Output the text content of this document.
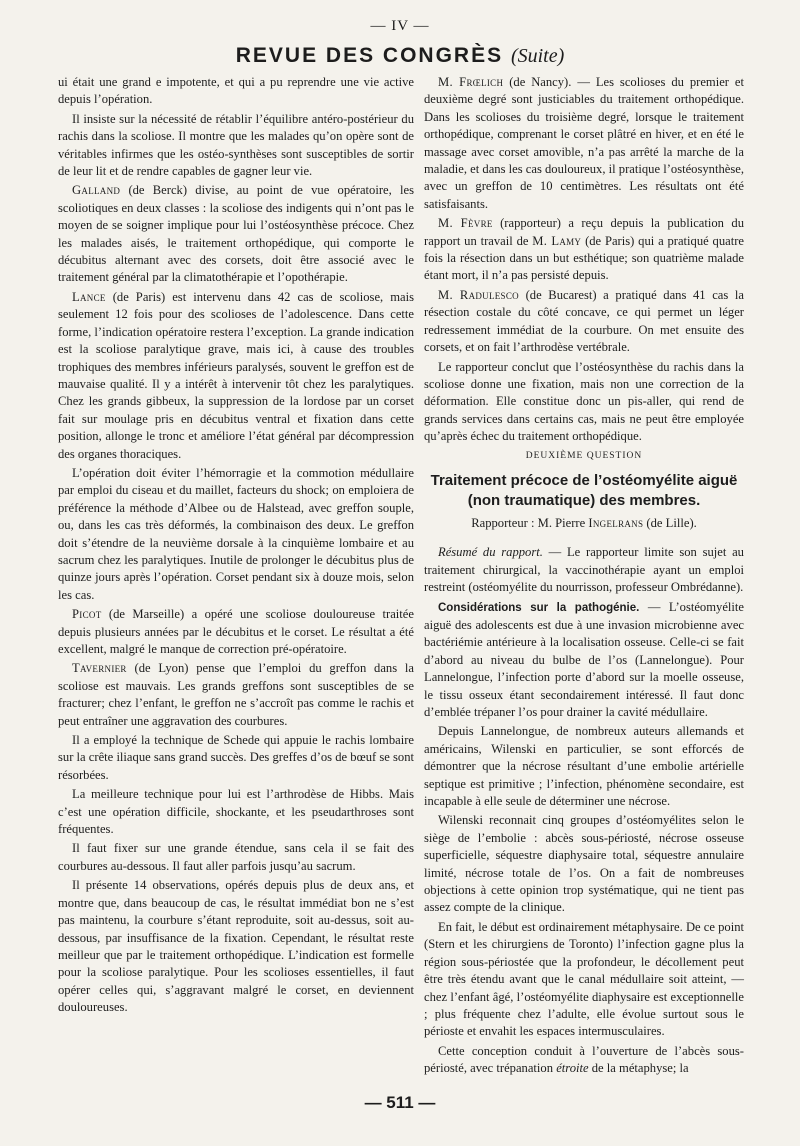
— IV —
REVUE DES CONGRÈS (Suite)

ui était une grand e impotente, et qui a pu reprendre une vie active depuis l’opération.

Il insiste sur la nécessité de rétablir l’équilibre antéro-postérieur du rachis dans la scoliose. Il montre que les malades qu’on opère sont de véritables infirmes que les ostéo-synthèses sont susceptibles de sortir de leur lit et de rendre capables de gagner leur vie.

Galland (de Berck) divise, au point de vue opératoire, les scoliotiques en deux classes : la scoliose des indigents qui n’ont pas le moyen de se soigner implique pour lui l’ostéosynthèse précoce. Chez les malades aisés, le traitement orthopédique, qui comporte le décubitus alternant avec des corsets, doit être associé avec le traitement général par la climatothérapie et l’opothérapie.

Lance (de Paris) est intervenu dans 42 cas de scoliose, mais seulement 12 fois pour des scolioses de l’adolescence. Dans cette forme, l’indication opératoire restera l’exception. La grande indication est la scoliose paralytique grave, mais ici, à cause des troubles trophiques des membres inférieurs paralysés, souvent le greffon est de mauvaise qualité. Il y a intérêt à intervenir tôt chez les paralytiques. Chez les grands gibbeux, la suppression de la lordose par un corset fait sur moulage pris en décubitus ventral et fixation dans cette position, allonge le tronc et améliore l’état général par décompression des organes thoraciques.

L’opération doit éviter l’hémorragie et la commotion médullaire par emploi du ciseau et du maillet, facteurs du shock; on emploiera de préférence la méthode d’Albee ou de Halstead, avec greffon souple, ou, dans les cas très déformés, la combinaison des deux. Le greffon doit s’étendre de la neuvième dorsale à la cinquième lombaire et au sacrum chez les paralytiques. Inutile de prolonger le décubitus plus de quinze jours après l’opération. Corset pendant six à douze mois, selon les cas.

Picot (de Marseille) a opéré une scoliose douloureuse traitée depuis plusieurs années par le décubitus et le corset. Le résultat a été excellent, malgré le manque de correction pré-opératoire.

Tavernier (de Lyon) pense que l’emploi du greffon dans la scoliose est mauvais. Les grands greffons sont susceptibles de se fracturer; chez l’enfant, le greffon ne s’accroît pas comme le rachis et peut entraîner une aggravation des courbures.

Il a employé la technique de Schede qui appuie le rachis lombaire sur la crête iliaque sans grand succès. Des greffes d’os de bœuf se sont résorbées.

La meilleure technique pour lui est l’arthrodèse de Hibbs. Mais c’est une opération difficile, shockante, et les pseudarthroses sont fréquentes.

Il faut fixer sur une grande étendue, sans cela il se fait des courbures au-dessous. Il faut aller parfois jusqu’au sacrum.

Il présente 14 observations, opérés depuis plus de deux ans, et montre que, dans beaucoup de cas, le résultat immédiat bon ne s’est pas maintenu, la courbure s’étant reproduite, soit au-dessus, soit au-dessous, par insuffisance de la fixation. Cependant, le résultat reste meilleur que par le traitement orthopédique. L’indication est formelle pour la scoliose paralytique. Pour les scolioses essentielles, il faut opérer celles qui, s’aggravant malgré le corset, en deviennent douloureuses.

M. Frœlich (de Nancy). — Les scolioses du premier et deuxième degré sont justiciables du traitement orthopédique. Dans les scolioses du troisième degré, lorsque le traitement orthopédique, comprenant le corset plâtré en hiver, et en été le massage avec corset amovible, n’a pas arrêté la marche de la maladie, et dans les cas douloureux, il pratique l’ostéosynthèse, avec un greffon de 10 centimètres. Les résultats ont été satisfaisants.

M. Fèvre (rapporteur) a reçu depuis la publication du rapport un travail de M. Lamy (de Paris) qui a pratiqué quatre fois la résection dans un but esthétique; son quatrième malade étant mort, il n’a pas persisté depuis.

M. Radulesco (de Bucarest) a pratiqué dans 41 cas la résection costale du côté concave, ce qui permet un léger redressement immédiat de la courbure. On met ensuite des corsets, et on fait l’arthrodèse vertébrale.

Le rapporteur conclut que l’ostéosynthèse du rachis dans la scoliose donne une fixation, mais non une correction de la déformation. Elle constitue donc un pis-aller, qui rend de grands services dans certains cas, mais ne peut être employée qu’après échec du traitement orthopédique.

DEUXIÈME QUESTION

Traitement précoce de l’ostéomyélite aiguë (non traumatique) des membres.
Rapporteur : M. Pierre Ingelrans (de Lille).

Résumé du rapport. — Le rapporteur limite son sujet au traitement chirurgical, la vaccinothérapie ayant un emploi restreint (ostéomyélite du nourrisson, professeur Ombrédanne).

Considérations sur la pathogénie. — L’ostéomyélite aiguë des adolescents est due à une invasion microbienne avec bactériémie antérieure à la localisation osseuse. Celle-ci se fait d’abord au niveau du bulbe de l’os (Lannelongue). Pour Lannelongue, l’infection porte d’abord sur la moelle osseuse, le tissu osseux étant secondairement intéressé. Il faut donc d’emblée trépaner l’os pour drainer la cavité médullaire.

Depuis Lannelongue, de nombreux auteurs allemands et américains, Wilenski en particulier, se sont efforcés de démontrer que la nécrose résultant d’une embolie artérielle septique est primitive ; l’infection, phénomène secondaire, est incapable à elle seule de déterminer une nécrose.

Wilenski reconnait cinq groupes d’ostéomyélites selon le siège de l’embolie : abcès sous-périosté, nécrose osseuse superficielle, séquestre diaphysaire total, séquestre annulaire limité, nécrose totale de l’os. On a fait de nombreuses objections à cette opinion trop systématique, qui ne tient pas assez compte de la clinique.

En fait, le début est ordinairement métaphysaire. De ce point (Stern et les chirurgiens de Toronto) l’infection gagne plus la région sous-périostée que la profondeur, le décollement peut être très étendu avant que le canal médullaire soit atteint, — chez l’enfant âgé, l’ostéomyélite diaphysaire est exceptionnelle ; plus fréquente chez l’adulte, elle évolue surtout sous le périoste et envahit les espaces intermusculaires.

Cette conception conduit à l’ouverture de l’abcès sous-périosté, avec trépanation étroite de la métaphyse; la

— 511 —
